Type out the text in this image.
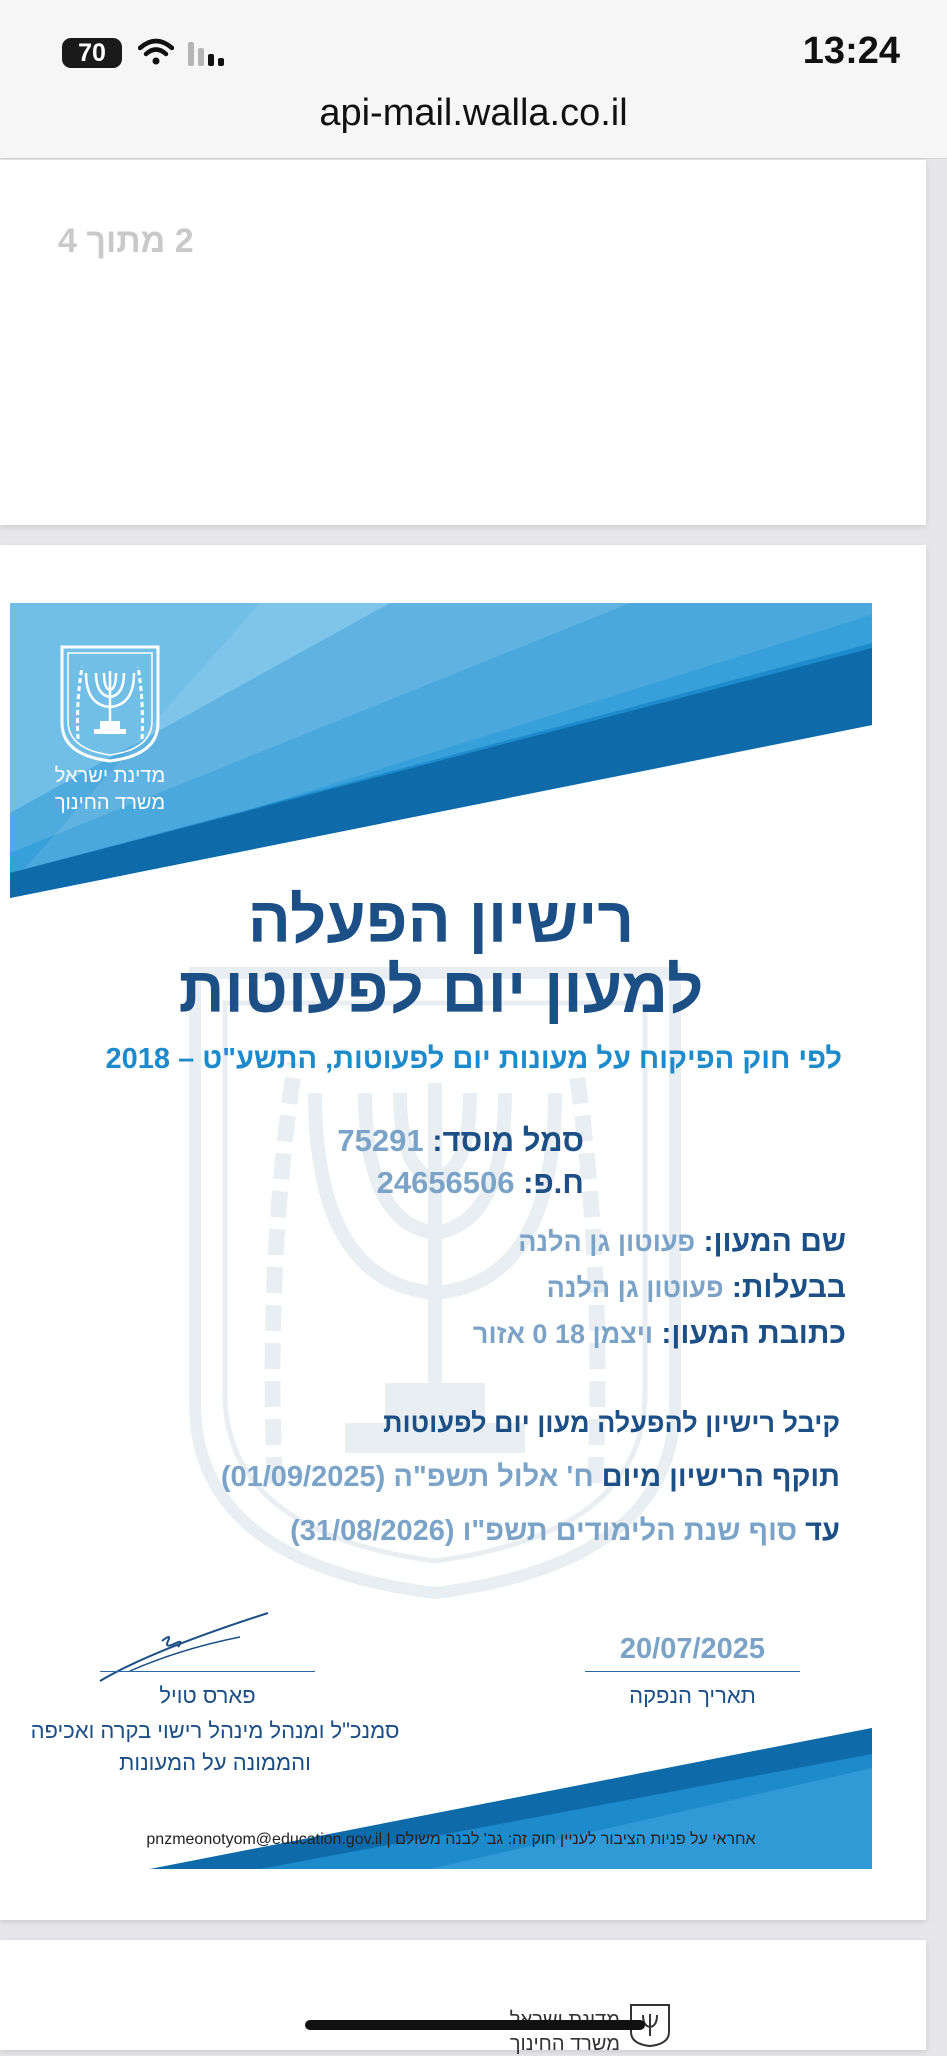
70	13:24
api-mail.walla.co.il
2 מתוך 4
מדינת ישראל
משרד החינוך
רישיון הפעלה
למעון יום לפעוטות
לפי חוק הפיקוח על מעונות יום לפעוטות, התשע"ט – 2018
סמל מוסד: 75291
ח.פ: 24656506
שם המעון: פעוטון גן הלנה
בבעלות: פעוטון גן הלנה
כתובת המעון: ויצמן 18 0 אזור
קיבל רישיון להפעלה מעון יום לפעוטות
תוקף הרישיון מיום ח' אלול תשפ"ה (01/09/2025)
עד סוף שנת הלימודים תשפ"ו (31/08/2026)
פארס טויל
סמנכ"ל ומנהל מינהל רישוי בקרה ואכיפה
והממונה על המעונות
20/07/2025
תאריך הנפקה
אחראי על פניות הציבור לעניין חוק זה: גב' לבנה משולם | pnzmeonotyom@education.gov.il
משרד החינוך
